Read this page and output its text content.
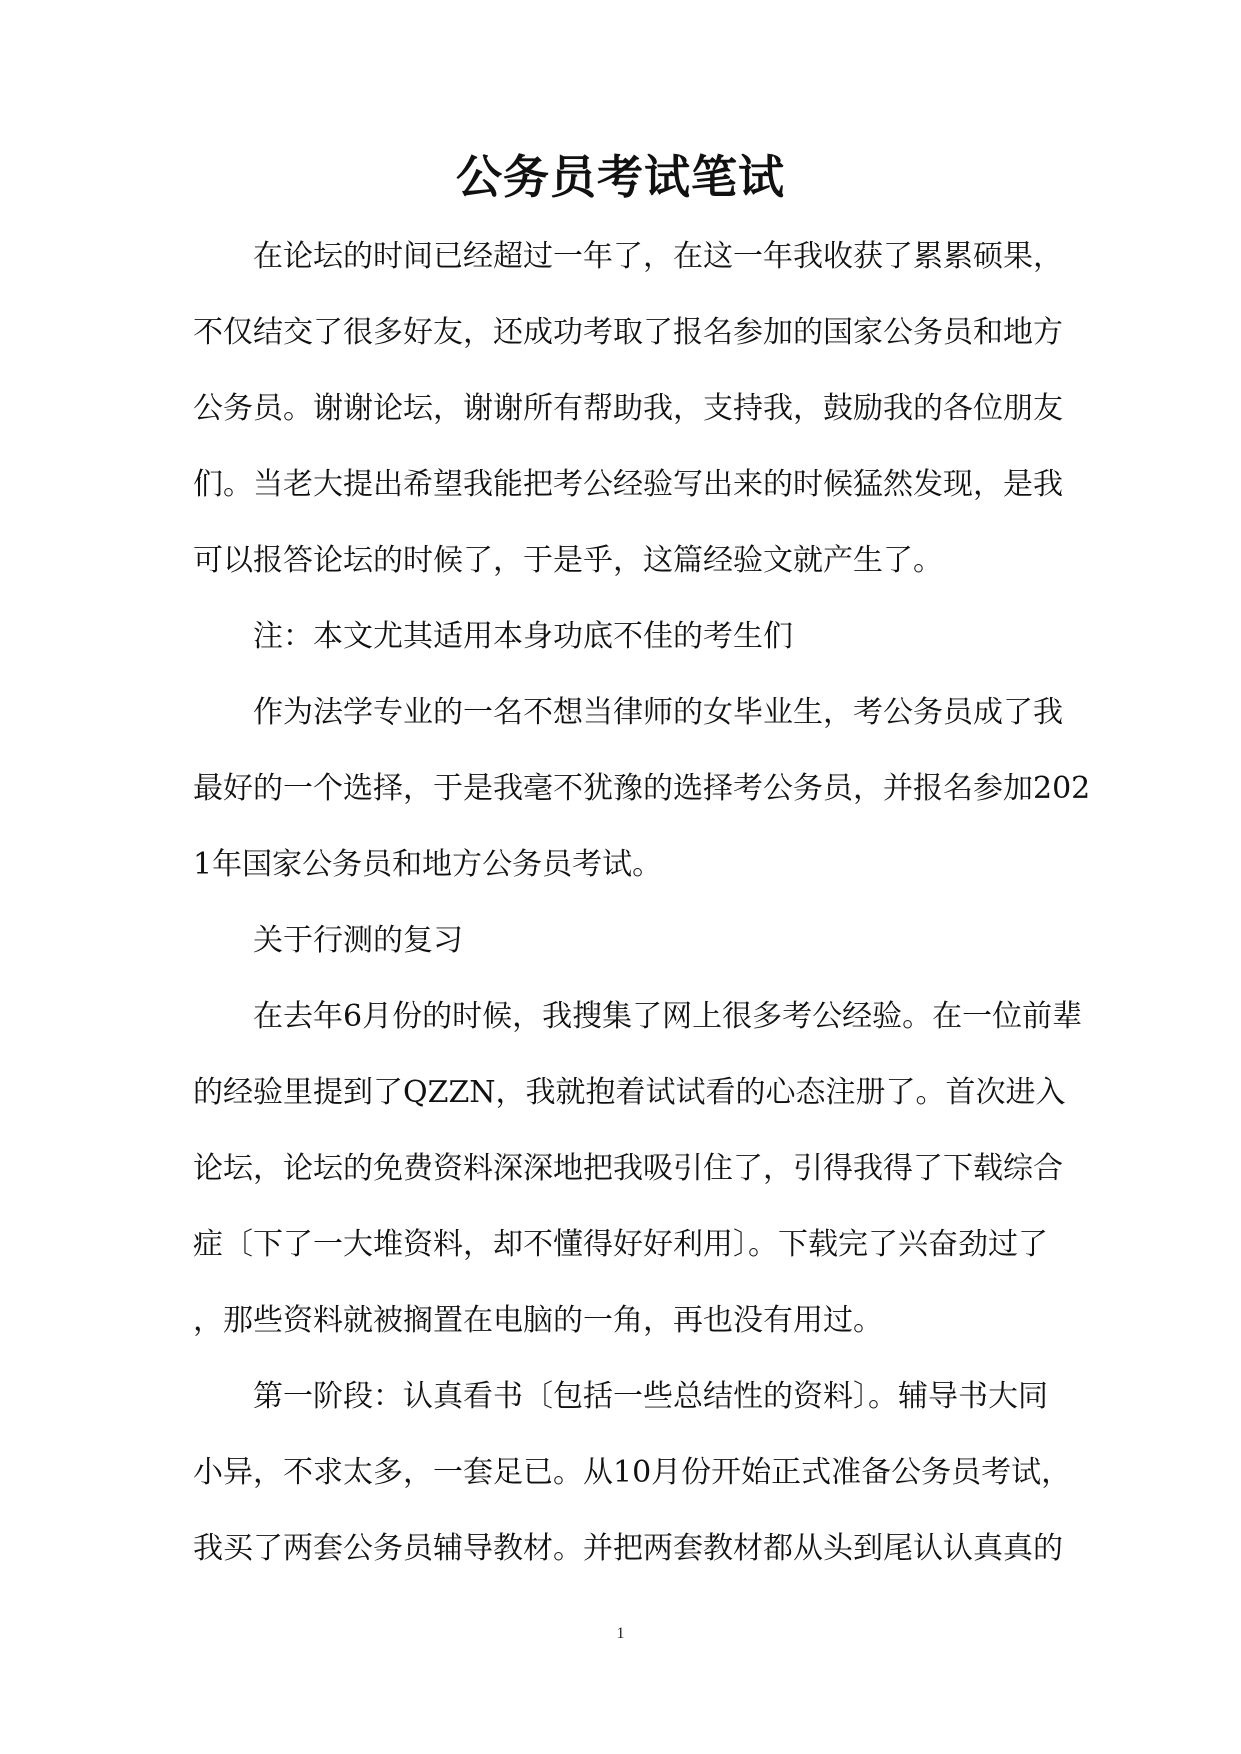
公务员考试笔试
在论坛的时间已经超过一年了，在这一年我收获了累累硕果，
不仅结交了很多好友，还成功考取了报名参加的国家公务员和地方
公务员。谢谢论坛，谢谢所有帮助我，支持我，鼓励我的各位朋友
们。当老大提出希望我能把考公经验写出来的时候猛然发现，是我
可以报答论坛的时候了，于是乎，这篇经验文就产生了。
注：本文尤其适用本身功底不佳的考生们
作为法学专业的一名不想当律师的女毕业生，考公务员成了我
最好的一个选择，于是我毫不犹豫的选择考公务员，并报名参加202
1年国家公务员和地方公务员考试。
关于行测的复习
在去年6月份的时候，我搜集了网上很多考公经验。在一位前辈
的经验里提到了QZZN，我就抱着试试看的心态注册了。首次进入
论坛，论坛的免费资料深深地把我吸引住了，引得我得了下载综合
症〔下了一大堆资料，却不懂得好好利用〕。下载完了兴奋劲过了
，那些资料就被搁置在电脑的一角，再也没有用过。
第一阶段：认真看书〔包括一些总结性的资料〕。辅导书大同
小异，不求太多，一套足已。从10月份开始正式准备公务员考试，
我买了两套公务员辅导教材。并把两套教材都从头到尾认认真真的
1
